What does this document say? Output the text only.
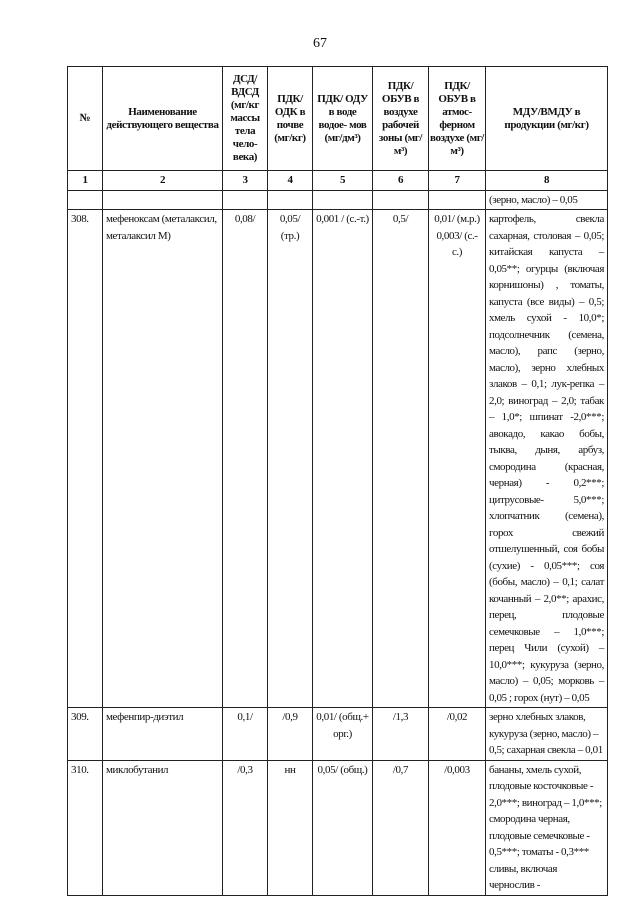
67
№	Наименование действующего вещества	ДСД/ ВДСД (мг/кг массы тела чело- века)	ПДК/ ОДК в почве (мг/кг)	ПДК/ ОДУ в воде водое- мов (мг/дм³)	ПДК/ ОБУВ в воздухе рабочей зоны (мг/м³)	ПДК/ ОБУВ в атмос- ферном воздухе (мг/м³)	МДУ/ВМДУ в продукции (мг/кг)
1	2	3	4	5	6	7	8
							(зерно, масло) – 0,05
308.	мефеноксам (металаксил, металаксил М)	0,08/	0,05/ (тр.)	0,001 / (с.-т.)	0,5/	0,01/ (м.р.) 0,003/ (с.-с.)	картофель, свекла сахарная, столовая – 0,05; китайская капуста – 0,05**; огурцы (включая корнишоны) , томаты, капуста (все виды) – 0,5; хмель сухой - 10,0*; подсолнечник (семена, масло), рапс (зерно, масло), зерно хлебных злаков – 0,1; лук-репка – 2,0; виноград – 2,0; табак – 1,0*; шпинат -2,0***; авокадо, какао бобы, тыква, дыня, арбуз, смородина (красная, черная) - 0,2***; цитрусовые- 5,0***; хлопчатник (семена), горох свежий отшелушенный, соя бобы (сухие) - 0,05***; соя (бобы, масло) – 0,1; салат кочанный – 2,0**; арахис, перец, плодовые семечковые – 1,0***; перец Чили (сухой) – 10,0***; кукуруза (зерно, масло) – 0,05; морковь – 0,05 ; горох (нут) – 0,05
309.	мефенпир-диэтил	0,1/	/0,9	0,01/ (общ.+ орг.)	/1,3	/0,02	зерно хлебных злаков, кукуруза (зерно, масло) – 0,5; сахарная свекла – 0,01
310.	миклобутанил	/0,3	нн	0,05/ (общ.)	/0,7	/0,003	бананы, хмель сухой, плодовые косточковые - 2,0***; виноград – 1,0***; смородина черная, плодовые семечковые - 0,5***; томаты - 0,3*** сливы, включая чернослив -
